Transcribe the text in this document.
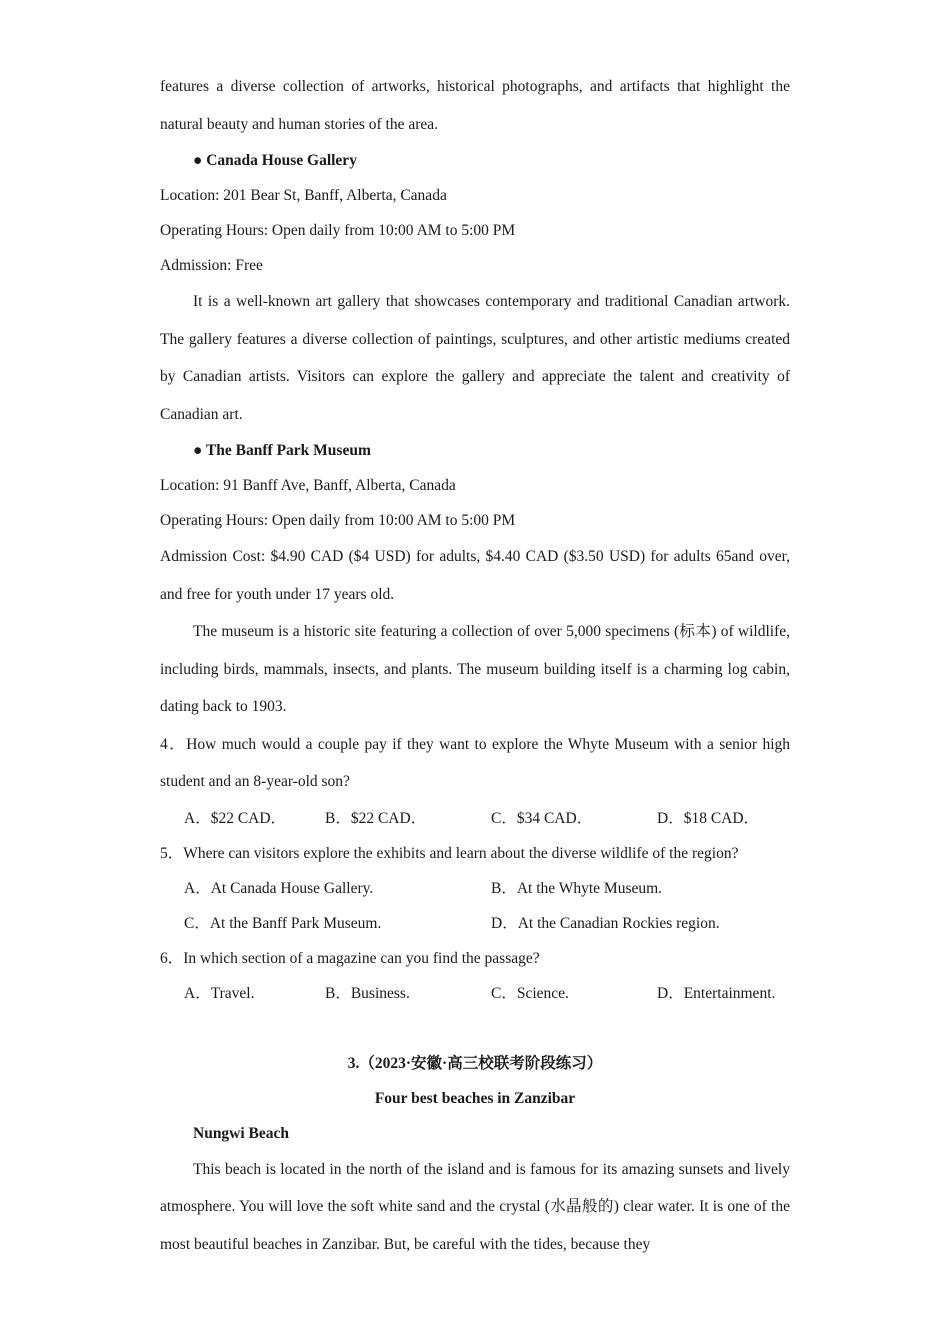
features a diverse collection of artworks, historical photographs, and artifacts that highlight the natural beauty and human stories of the area.

● Canada House Gallery
Location: 201 Bear St, Banff, Alberta, Canada
Operating Hours: Open daily from 10:00 AM to 5:00 PM
Admission: Free

It is a well-known art gallery that showcases contemporary and traditional Canadian artwork. The gallery features a diverse collection of paintings, sculptures, and other artistic mediums created by Canadian artists. Visitors can explore the gallery and appreciate the talent and creativity of Canadian art.

● The Banff Park Museum
Location: 91 Banff Ave, Banff, Alberta, Canada
Operating Hours: Open daily from 10:00 AM to 5:00 PM

Admission Cost: $4.90 CAD ($4 USD) for adults, $4.40 CAD ($3.50 USD) for adults 65and over, and free for youth under 17 years old.

The museum is a historic site featuring a collection of over 5,000 specimens (标本) of wildlife, including birds, mammals, insects, and plants. The museum building itself is a charming log cabin, dating back to 1903.

4．How much would a couple pay if they want to explore the Whyte Museum with a senior high student and an 8-year-old son?

A．$22 CAD．	B．$22 CAD．	C．$34 CAD．	D．$18 CAD．
5．Where can visitors explore the exhibits and learn about the diverse wildlife of the region?
A．At Canada House Gallery.	B．At the Whyte Museum.
C．At the Banff Park Museum.	D．At the Canadian Rockies region.
6．In which section of a magazine can you find the passage?
A．Travel.	B．Business.	C．Science.	D．Entertainment.
3.（2023·安徽·高三校联考阶段练习）
Four best beaches in Zanzibar
Nungwi Beach

This beach is located in the north of the island and is famous for its amazing sunsets and lively atmosphere. You will love the soft white sand and the crystal (水晶般的) clear water. It is one of the most beautiful beaches in Zanzibar. But, be careful with the tides, because they
